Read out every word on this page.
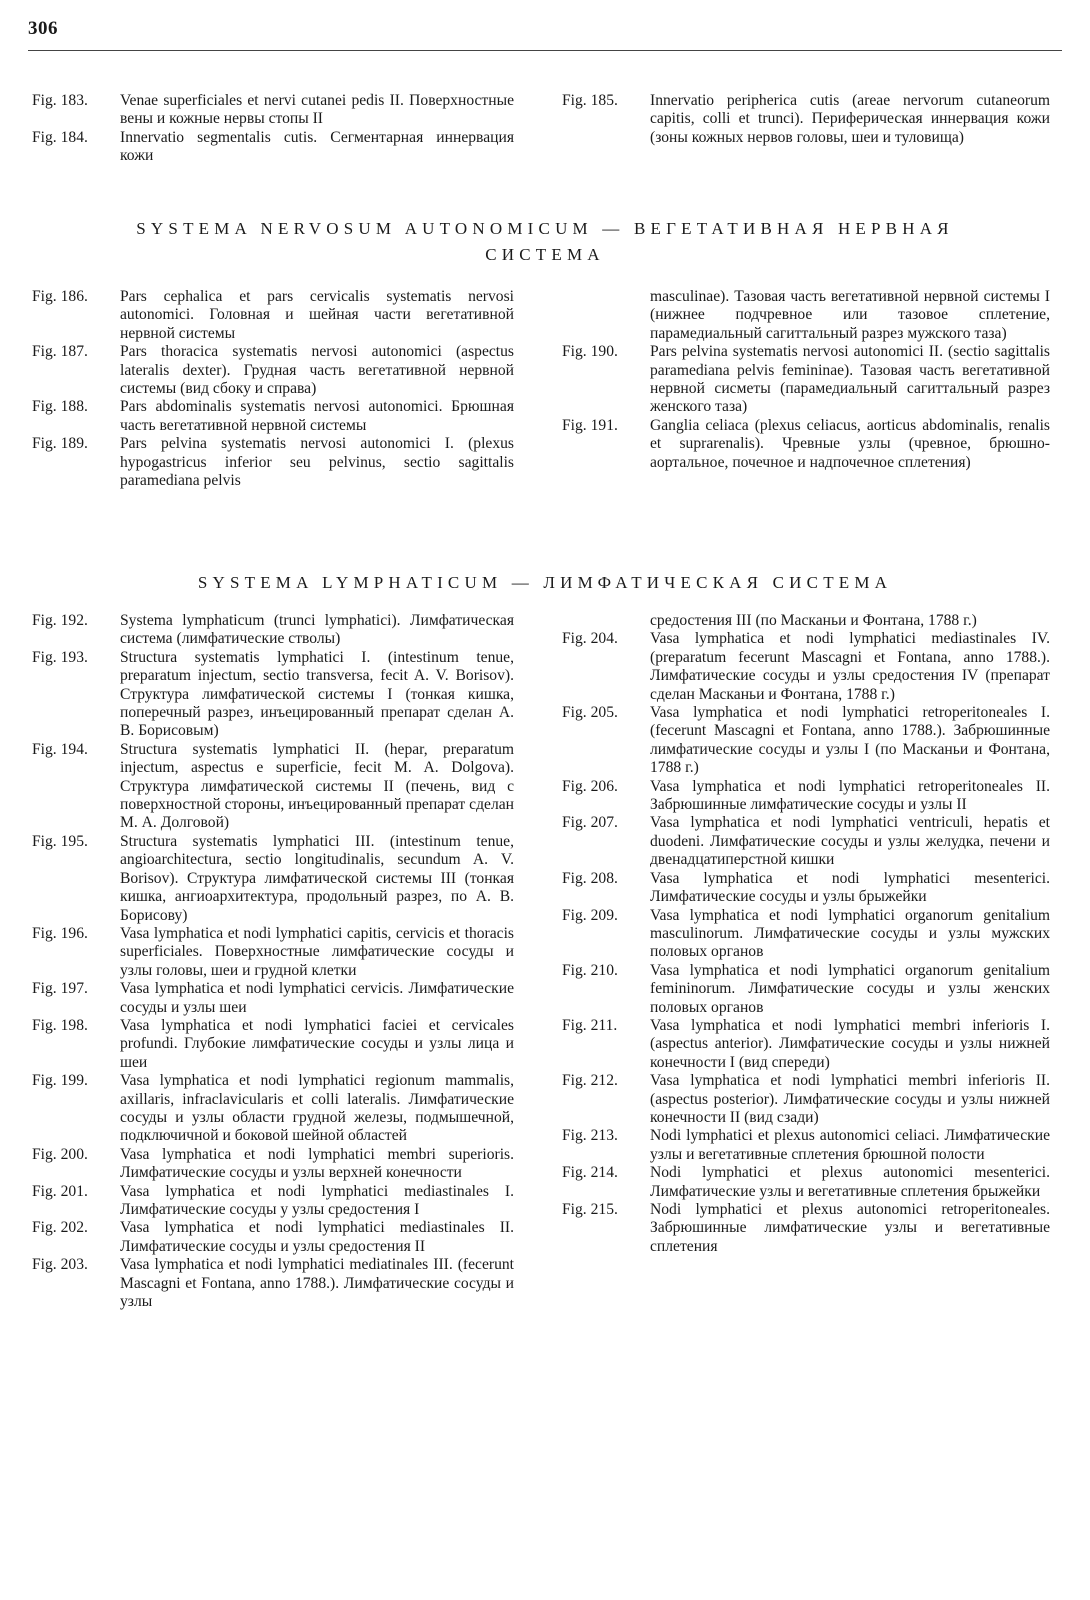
306
Fig. 183.	Venae superficiales et nervi cutanei pedis II. Поверхностные вены и кожные нервы стопы II
Fig. 184.	Innervatio segmentalis cutis. Сегментарная иннервация кожи
Fig. 185.	Innervatio peripherica cutis (areae nervorum cutaneorum capitis, colli et trunci). Периферическая иннервация кожи (зоны кожных нервов головы, шеи и туловища)
SYSTEMA NERVOSUM AUTONOMICUM — ВЕГЕТАТИВНАЯ НЕРВНАЯ
СИСТЕМА
Fig. 186.	Pars cephalica et pars cervicalis systematis nervosi autonomici. Головная и шейная части вегетативной нервной системы
Fig. 187.	Pars thoracica systematis nervosi autonomici (aspectus lateralis dexter). Грудная часть вегетативной нервной системы (вид сбоку и справа)
Fig. 188.	Pars abdominalis systematis nervosi autonomici. Брюшная часть вегетативной нервной системы
Fig. 189.	Pars pelvina systematis nervosi autonomici I. (plexus hypogastricus inferior seu pelvinus, sectio sagittalis paramediana pelvis
masculinae). Тазовая часть вегетативной нервной системы I (нижнее подчревное или тазовое сплетение, парамедиальный сагиттальный разрез мужского таза)
Fig. 190.	Pars pelvina systematis nervosi autonomici II. (sectio sagittalis paramediana pelvis femininae). Тазовая часть вегетативной нервной сисметы (парамедиальный сагиттальный разрез женского таза)
Fig. 191.	Ganglia celiaca (plexus celiacus, aorticus abdominalis, renalis et suprarenalis). Чревные узлы (чревное, брюшно-аортальное, почечное и надпочечное сплетения)
SYSTEMA LYMPHATICUM — ЛИМФАТИЧЕСКАЯ СИСТЕМА
Fig. 192.	Systema lymphaticum (trunci lymphatici). Лимфатическая система (лимфатические стволы)
Fig. 193.	Structura systematis lymphatici I. (intestinum tenue, preparatum injectum, sectio transversa, fecit A. V. Borisov). Структура лимфатической системы I (тонкая кишка, поперечный разрез, инъецированный препарат сделан А. В. Борисовым)
Fig. 194.	Structura systematis lymphatici II. (hepar, preparatum injectum, aspectus e superficie, fecit M. A. Dolgova). Структура лимфатической системы II (печень, вид с поверхностной стороны, инъецированный препарат сделан М. А. Долговой)
Fig. 195.	Structura systematis lymphatici III. (intestinum tenue, angioarchitectura, sectio longitudinalis, secundum A. V. Borisov). Структура лимфатической системы III (тонкая кишка, ангиоархитектура, продольный разрез, по А. В. Борисову)
Fig. 196.	Vasa lymphatica et nodi lymphatici capitis, cervicis et thoracis superficiales. Поверхностные лимфатические сосуды и узлы головы, шеи и грудной клетки
Fig. 197.	Vasa lymphatica et nodi lymphatici cervicis. Лимфатические сосуды и узлы шеи
Fig. 198.	Vasa lymphatica et nodi lymphatici faciei et cervicales profundi. Глубокие лимфатические сосуды и узлы лица и шеи
Fig. 199.	Vasa lymphatica et nodi lymphatici regionum mammalis, axillaris, infraclavicularis et colli lateralis. Лимфатические сосуды и узлы области грудной железы, подмышечной, подключичной и боковой шейной областей
Fig. 200.	Vasa lymphatica et nodi lymphatici membri superioris. Лимфатические сосуды и узлы верхней конечности
Fig. 201.	Vasa lymphatica et nodi lymphatici mediastinales I. Лимфатические сосуды у узлы средостения I
Fig. 202.	Vasa lymphatica et nodi lymphatici mediastinales II. Лимфатические сосуды и узлы средостения II
Fig. 203.	Vasa lymphatica et nodi lymphatici mediatinales III. (fecerunt Mascagni et Fontana, anno 1788.). Лимфатические сосуды и узлы
средостения III (по Масканьи и Фонтана, 1788 г.)
Fig. 204.	Vasa lymphatica et nodi lymphatici mediastinales IV. (preparatum fecerunt Mascagni et Fontana, anno 1788.). Лимфатические сосуды и узлы средостения IV (препарат сделан Масканьи и Фонтана, 1788 г.)
Fig. 205.	Vasa lymphatica et nodi lymphatici retroperitoneales I. (fecerunt Mascagni et Fontana, anno 1788.). Забрюшинные лимфатические сосуды и узлы I (по Масканьи и Фонтана, 1788 г.)
Fig. 206.	Vasa lymphatica et nodi lymphatici retroperitoneales II. Забрюшинные лимфатические сосуды и узлы II
Fig. 207.	Vasa lymphatica et nodi lymphatici ventriculi, hepatis et duodeni. Лимфатические сосуды и узлы желудка, печени и двенадцатиперстной кишки
Fig. 208.	Vasa lymphatica et nodi lymphatici mesenterici. Лимфатические сосуды и узлы брыжейки
Fig. 209.	Vasa lymphatica et nodi lymphatici organorum genitalium masculinorum. Лимфатические сосуды и узлы мужских половых органов
Fig. 210.	Vasa lymphatica et nodi lymphatici organorum genitalium femininorum. Лимфатические сосуды и узлы женских половых органов
Fig. 211.	Vasa lymphatica et nodi lymphatici membri inferioris I. (aspectus anterior). Лимфатические сосуды и узлы нижней конечности I (вид спереди)
Fig. 212.	Vasa lymphatica et nodi lymphatici membri inferioris II. (aspectus posterior). Лимфатические сосуды и узлы нижней конечности II (вид сзади)
Fig. 213.	Nodi lymphatici et plexus autonomici celiaci. Лимфатические узлы и вегетативные сплетения брюшной полости
Fig. 214.	Nodi lymphatici et plexus autonomici mesenterici. Лимфатические узлы и вегетативные сплетения брыжейки
Fig. 215.	Nodi lymphatici et plexus autonomici retroperitoneales. Забрюшинные лимфатические узлы и вегетативные сплетения
